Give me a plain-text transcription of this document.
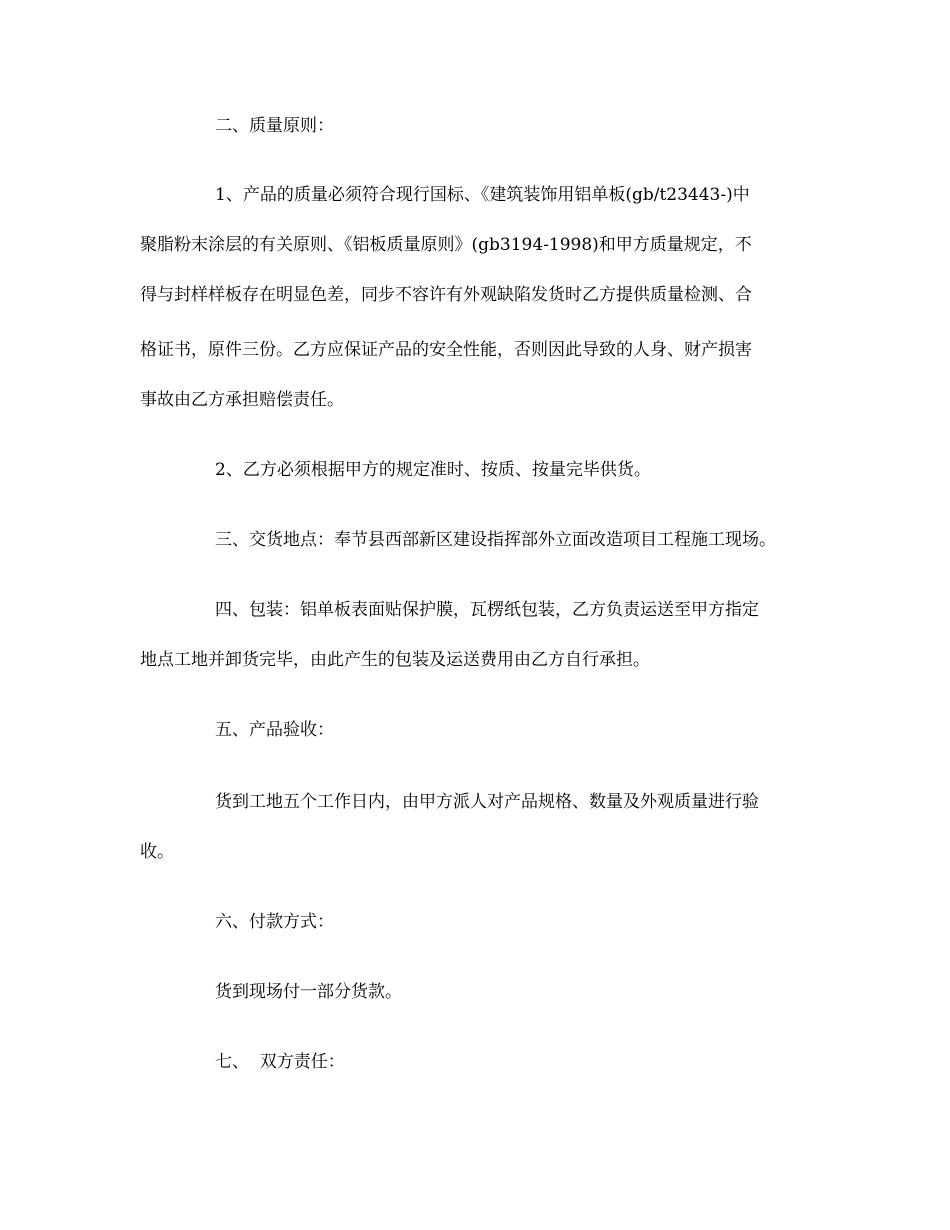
二、质量原则：
1、产品的质量必须符合现行国标、《建筑装饰用铝单板(gb/t23443-)中
聚脂粉末涂层的有关原则、《铝板质量原则》(gb3194-1998)和甲方质量规定，不
得与封样样板存在明显色差，同步不容许有外观缺陷发货时乙方提供质量检测、合
格证书，原件三份。乙方应保证产品的安全性能，否则因此导致的人身、财产损害
事故由乙方承担赔偿责任。
2、乙方必须根据甲方的规定准时、按质、按量完毕供货。
三、交货地点：奉节县西部新区建设指挥部外立面改造项目工程施工现场。
四、包装：铝单板表面贴保护膜，瓦楞纸包装，乙方负责运送至甲方指定
地点工地并卸货完毕，由此产生的包装及运送费用由乙方自行承担。
五、产品验收：
货到工地五个工作日内，由甲方派人对产品规格、数量及外观质量进行验
收。
六、付款方式：
货到现场付一部分货款。
七、  双方责任：
